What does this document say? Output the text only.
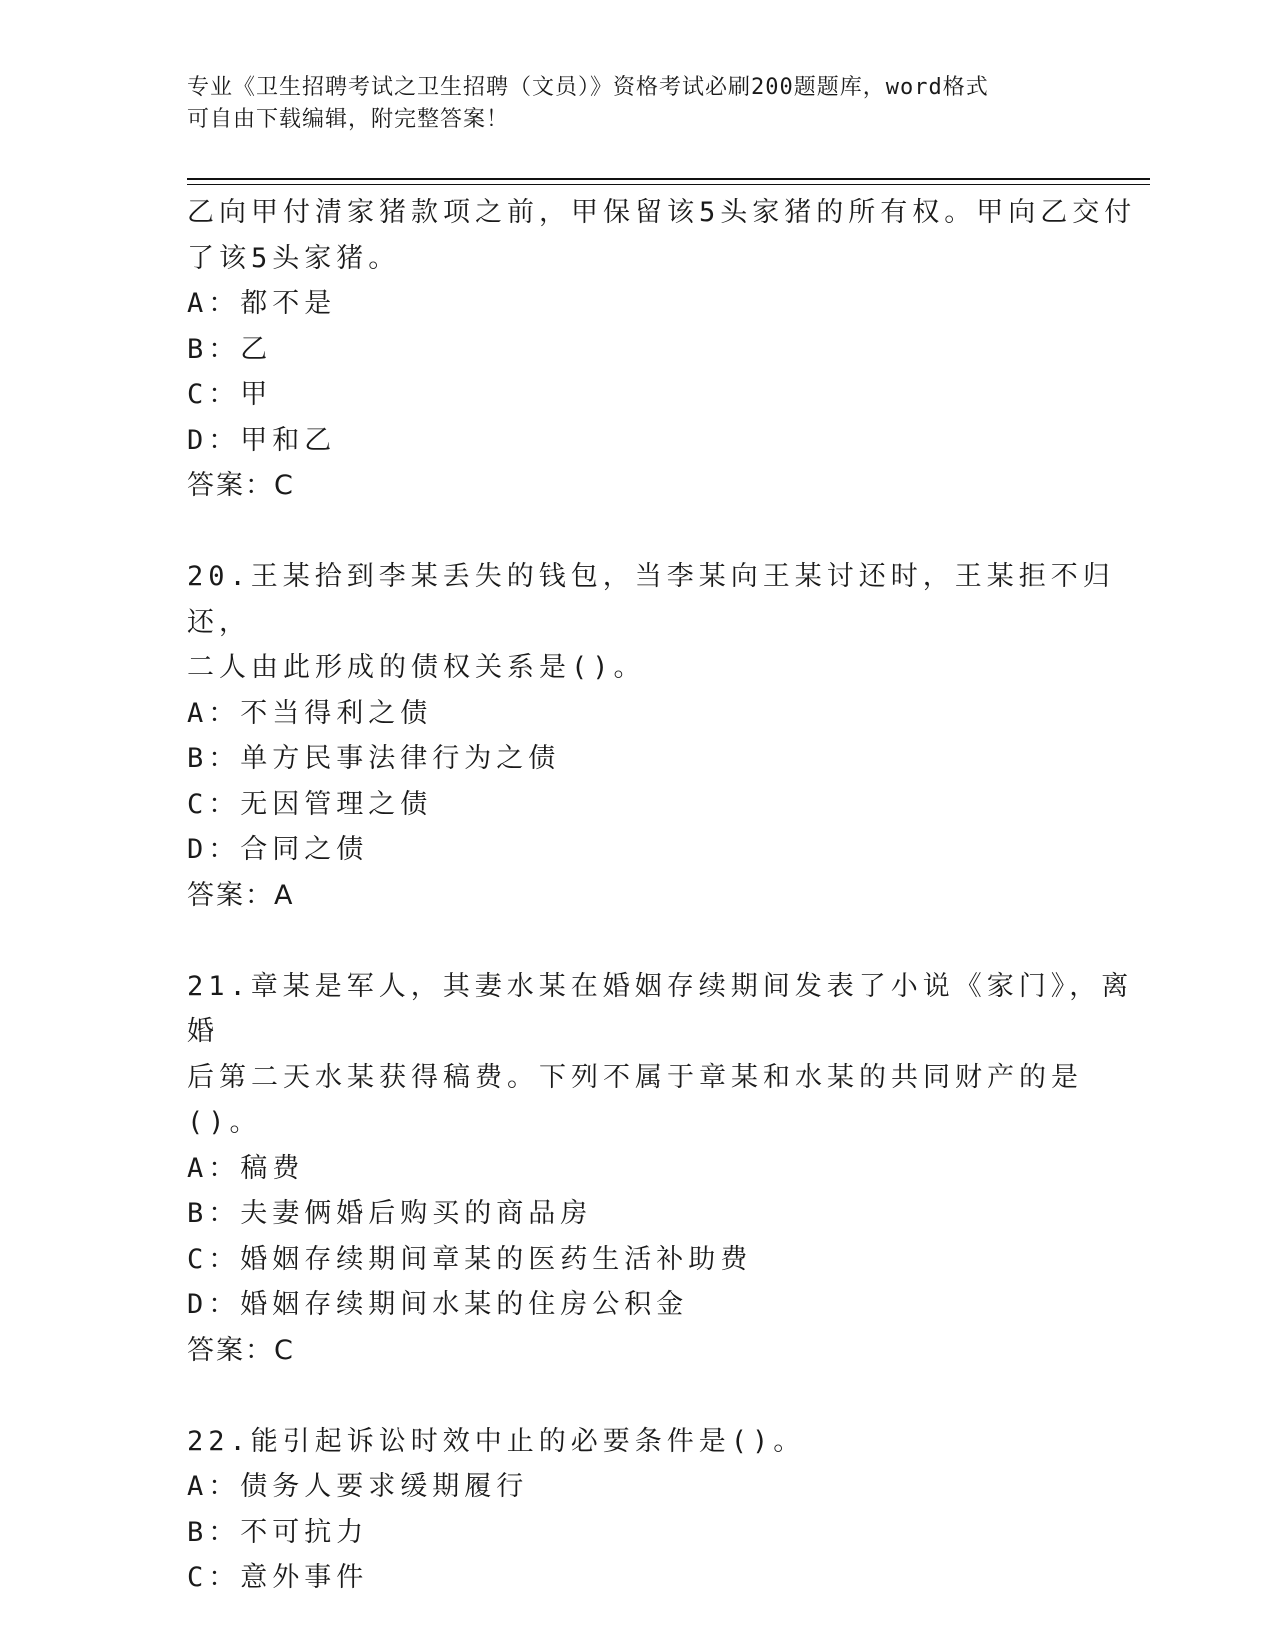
专业《卫生招聘考试之卫生招聘（文员）》资格考试必刷200题题库，word格式
可自由下载编辑，附完整答案！

乙向甲付清家猪款项之前，甲保留该5头家猪的所有权。甲向乙交付

了该5头家猪。

A：都不是

B：乙

C：甲

D：甲和乙

答案：C

20.王某拾到李某丢失的钱包，当李某向王某讨还时，王某拒不归还，

二人由此形成的债权关系是()。

A：不当得利之债

B：单方民事法律行为之债

C：无因管理之债

D：合同之债

答案：A

21.章某是军人，其妻水某在婚姻存续期间发表了小说《家门》，离婚

后第二天水某获得稿费。下列不属于章某和水某的共同财产的是()。

A：稿费

B：夫妻俩婚后购买的商品房

C：婚姻存续期间章某的医药生活补助费

D：婚姻存续期间水某的住房公积金

答案：C

22.能引起诉讼时效中止的必要条件是()。

A：债务人要求缓期履行

B：不可抗力

C：意外事件
